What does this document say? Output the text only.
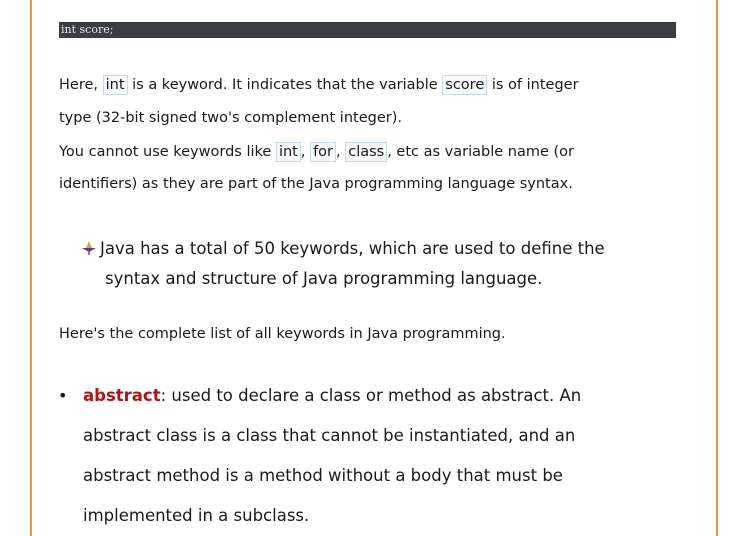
int score;

Here, int is a keyword. It indicates that the variable score is of integer

type (32-bit signed two's complement integer).

You cannot use keywords like int , for , class , etc as variable name (or

identifiers) as they are part of the Java programming language syntax.

Java has a total of 50 keywords, which are used to define the
syntax and structure of Java programming language.

Here's the complete list of all keywords in Java programming.

• abstract: used to declare a class or method as abstract. An
abstract class is a class that cannot be instantiated, and an
abstract method is a method without a body that must be
implemented in a subclass.
